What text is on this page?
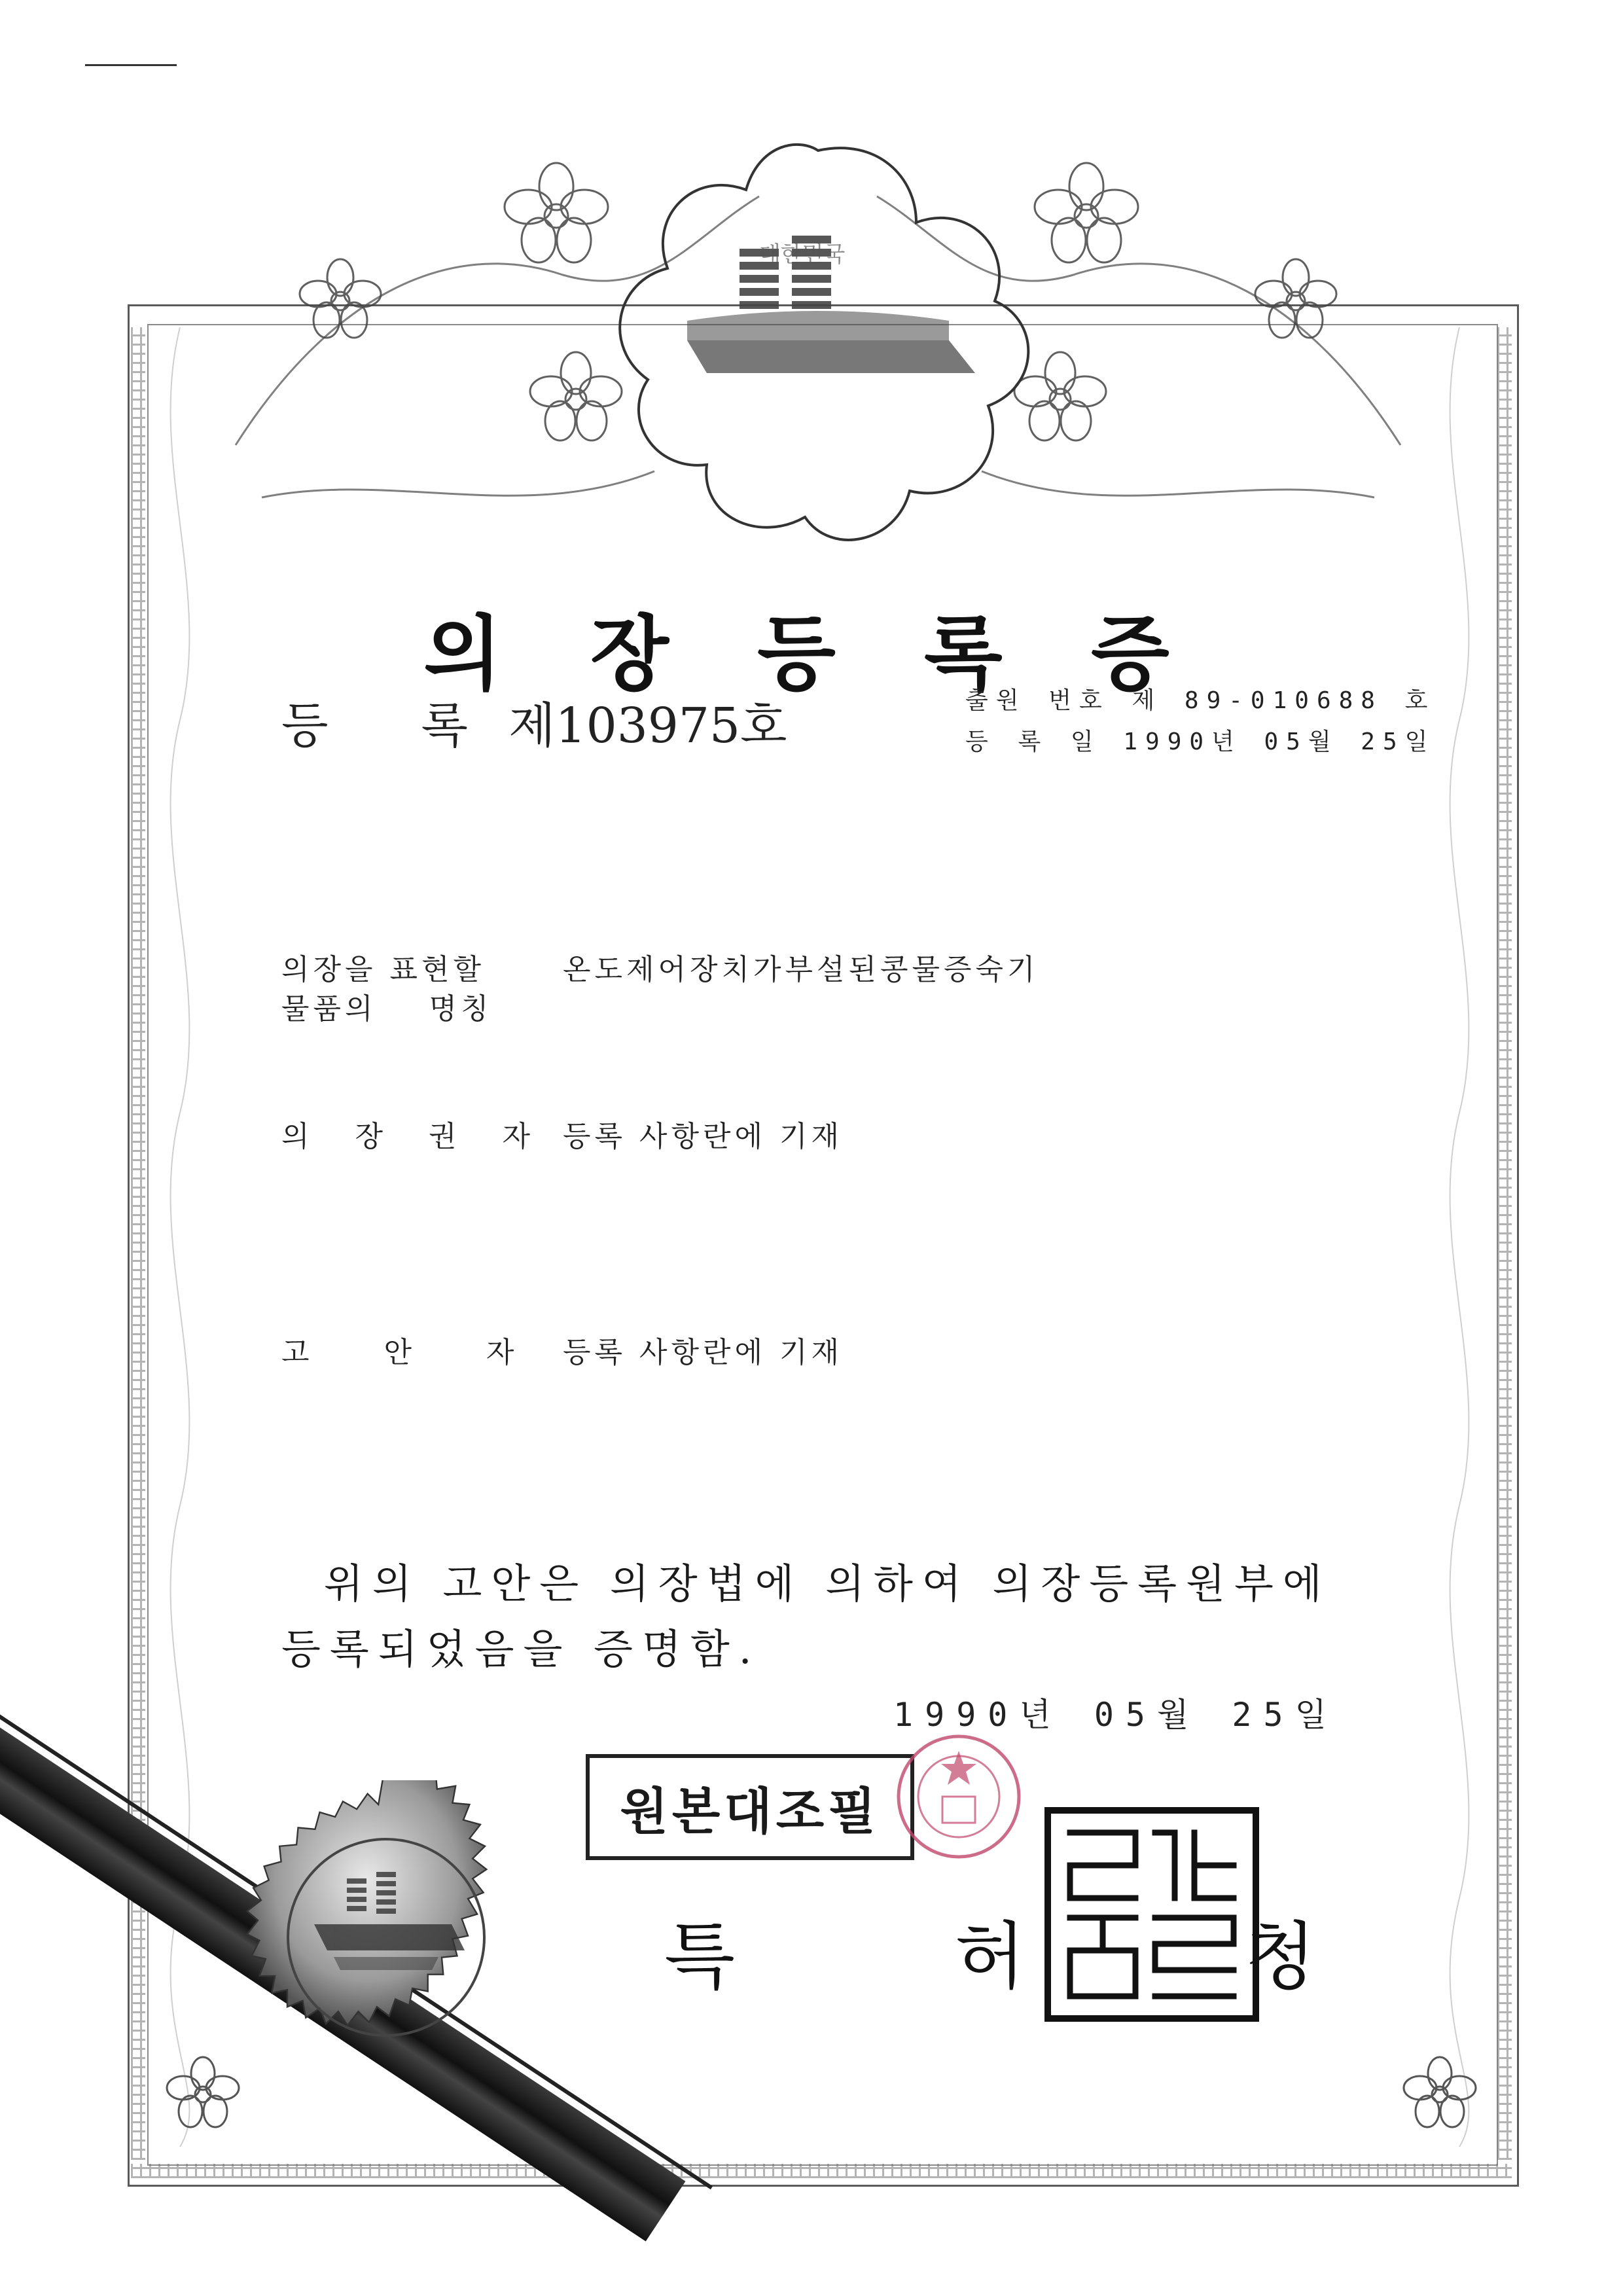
대한민국
의 장 등 록 증
등 록 제103975호	출원 번호 제 89-010688 호
등 록 일 1990년 05월 25일
의장을 표현할
물품의    명칭
온도제어장치가부설된콩물증숙기
의 장 권 자 등록 사항란에 기재
고   안   자 등록 사항란에 기재
위의 고안은 의장법에 의하여 의장등록원부에
등록되었음을 증명함.
1990년 05월 25일
원본대조필
특 허 청
